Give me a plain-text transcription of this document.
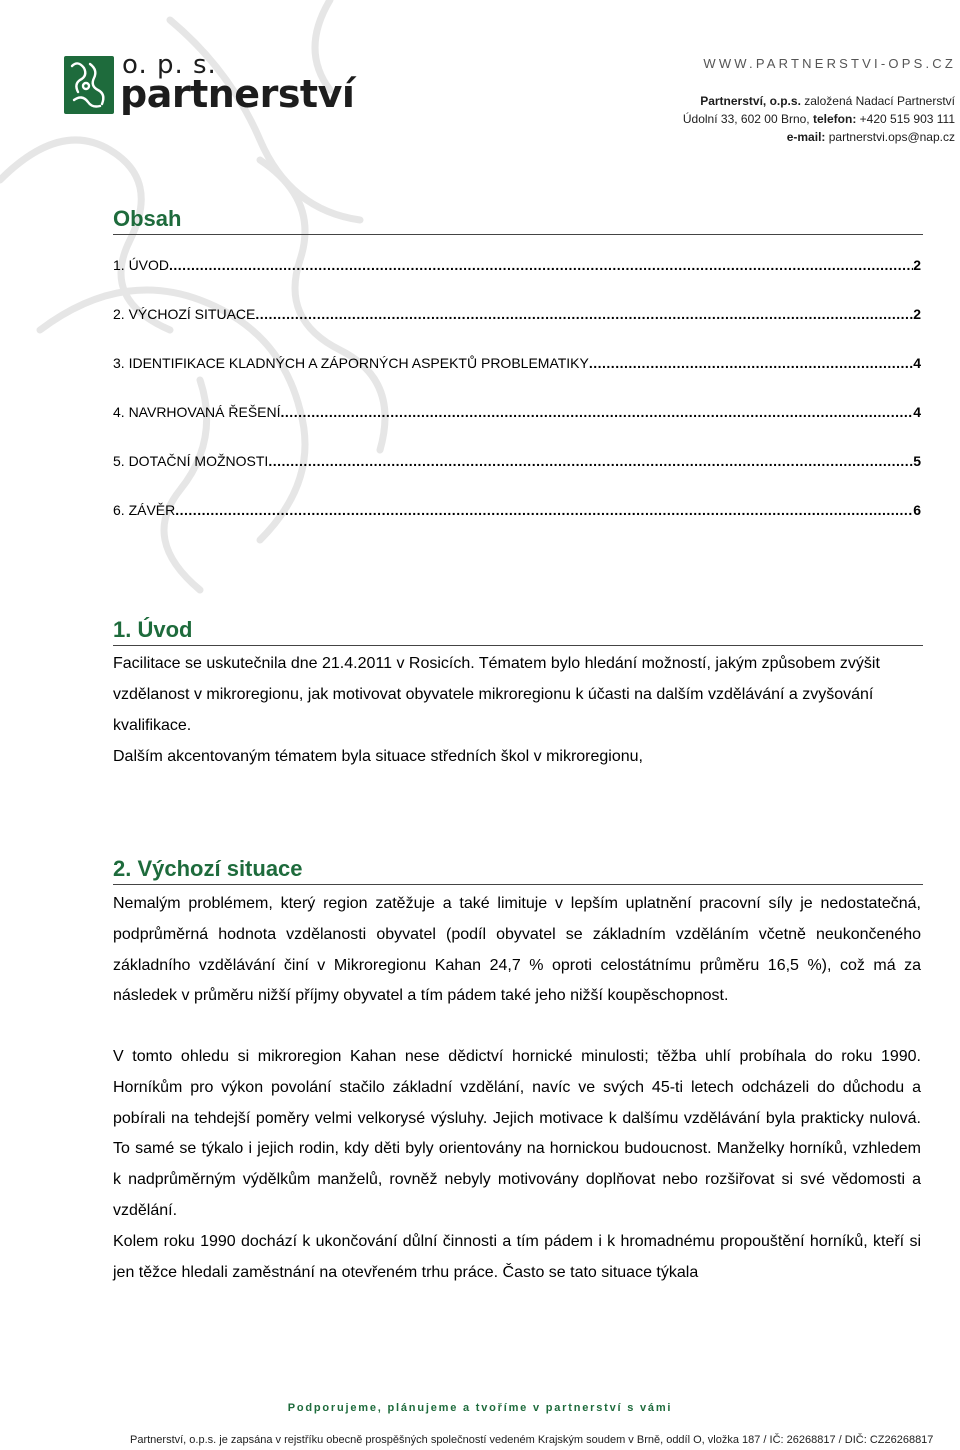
o. p. s.
partnerství
WWW.PARTNERSTVI-OPS.CZ
Partnerství, o.p.s. založená Nadací Partnerství
Údolní 33, 602 00 Brno, telefon: +420 515 903 111
e-mail: partnerstvi.ops@nap.cz
Obsah
1. ÚVOD .....	2
2. VÝCHOZÍ SITUACE .....	2
3. IDENTIFIKACE KLADNÝCH A ZÁPORNÝCH ASPEKTŮ PROBLEMATIKY .....	4
4. NAVRHOVANÁ ŘEŠENÍ .....	4
5. DOTAČNÍ MOŽNOSTI .....	5
6. ZÁVĚR .....	6
1. Úvod

Facilitace se uskutečnila dne 21.4.2011 v Rosicích. Tématem bylo hledání možností, jakým způsobem zvýšit vzdělanost v mikroregionu, jak motivovat obyvatele mikroregionu k účasti na dalším vzdělávání a zvyšování kvalifikace.

Dalším akcentovaným tématem byla situace středních škol v mikroregionu,

2. Výchozí situace

Nemalým problémem, který region zatěžuje a také limituje v lepším uplatnění pracovní síly je nedostatečná, podprůměrná hodnota vzdělanosti obyvatel (podíl obyvatel se základním vzděláním včetně neukončeného základního vzdělávání činí v Mikroregionu Kahan 24,7 % oproti celostátnímu průměru 16,5 %), což má za následek v průměru nižší příjmy obyvatel a tím pádem také jeho nižší koupěschopnost.

V tomto ohledu si mikroregion Kahan nese dědictví hornické minulosti; těžba uhlí probíhala do roku 1990. Horníkům pro výkon povolání stačilo základní vzdělání, navíc ve svých 45-ti letech odcházeli do důchodu a pobírali na tehdejší poměry velmi velkorysé výsluhy. Jejich motivace k dalšímu vzdělávání byla prakticky nulová. To samé se týkalo i jejich rodin, kdy děti byly orientovány na hornickou budoucnost. Manželky horníků, vzhledem k nadprůměrným výdělkům manželů, rovněž nebyly motivovány doplňovat nebo rozšiřovat si své vědomosti a vzdělání.

Kolem roku 1990 dochází k ukončování důlní činnosti a tím pádem i k hromadnému propouštění horníků, kteří si jen těžce hledali zaměstnání na otevřeném trhu práce. Často se tato situace týkala

Podporujeme, plánujeme a tvoříme v partnerství s vámi
Partnerství, o.p.s. je zapsána v rejstříku obecně prospěšných společností vedeném Krajským soudem v Brně, oddíl O, vložka 187 / IČ: 26268817 / DIČ: CZ26268817
